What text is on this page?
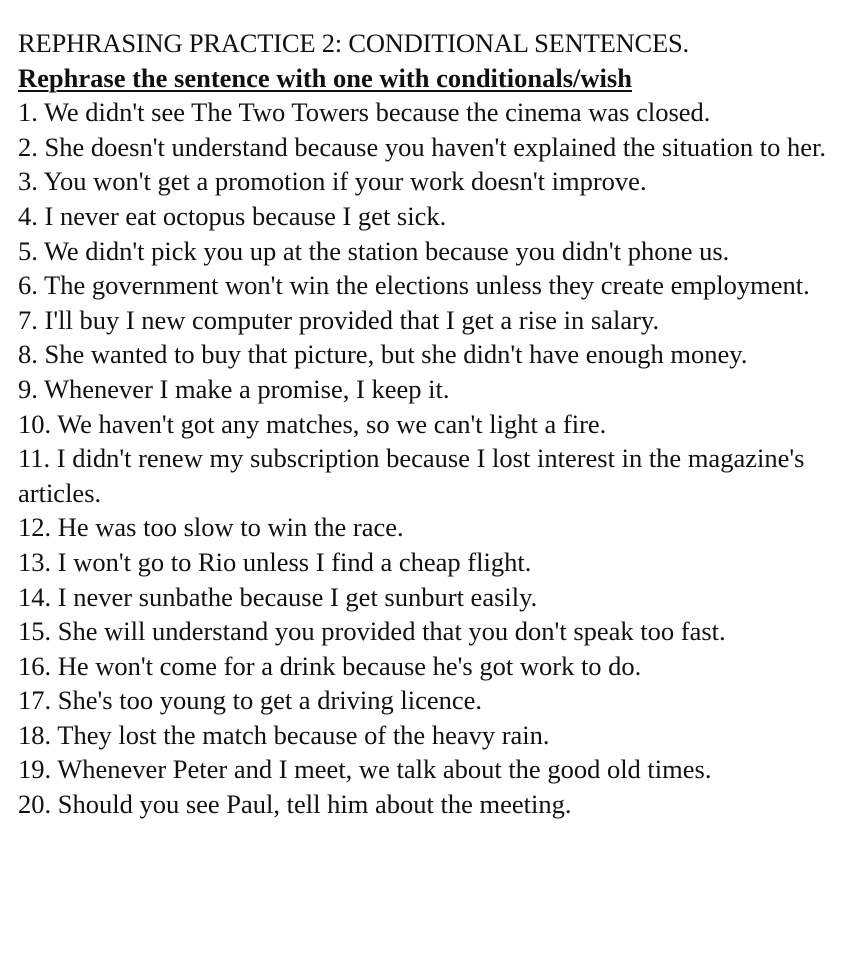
REPHRASING PRACTICE 2: CONDITIONAL SENTENCES.

Rephrase the sentence with one with conditionals/wish

1. We didn't see The Two Towers because the cinema was closed.

2. She doesn't understand because you haven't explained the situation to her.

3. You won't get a promotion if your work doesn't improve.

4. I never eat octopus because I get sick.

5. We didn't pick you up at the station because you didn't phone us.

6. The government won't win the elections unless they create employment.

7. I'll buy I new computer provided that I get a rise in salary.

8. She wanted to buy that picture, but she didn't have enough money.

9. Whenever I make a promise, I keep it.

10. We haven't got any matches, so we can't light a fire.

11. I didn't renew my subscription because I lost interest in the magazine's articles.

12. He was too slow to win the race.

13. I won't go to Rio unless I find a cheap flight.

14. I never sunbathe because I get sunburt easily.

15. She will understand you provided that you don't speak too fast.

16. He won't come for a drink because he's got work to do.

17. She's too young to get a driving licence.

18. They lost the match because of the heavy rain.

19. Whenever Peter and I meet, we talk about the good old times.

20. Should you see Paul, tell him about the meeting.
